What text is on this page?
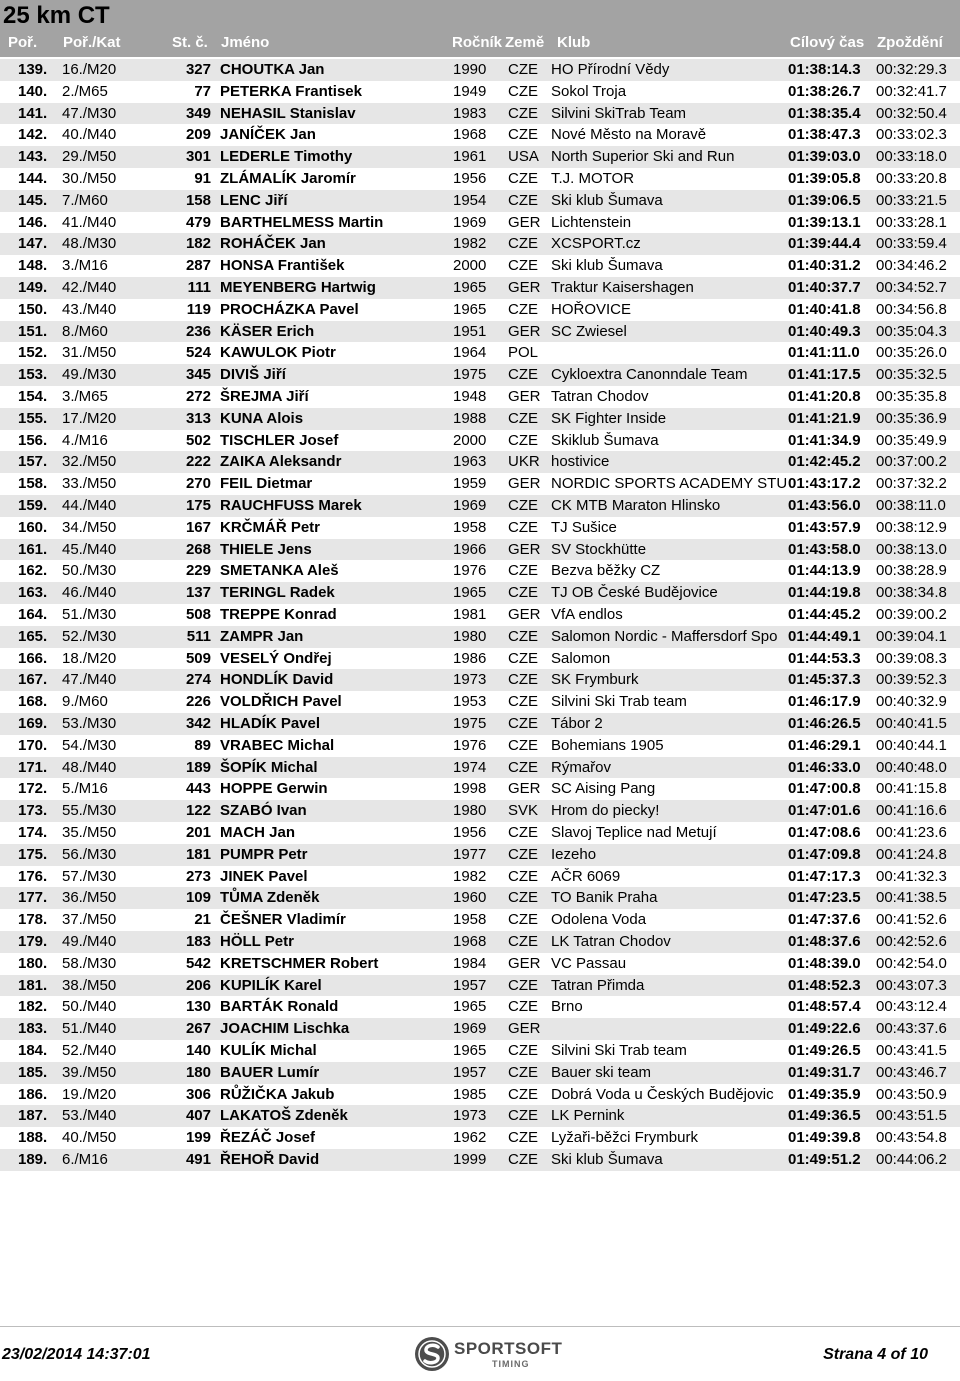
25 km CT
Poř. Poř./Kat	St. č. Jméno	Ročník Země Klub	Cílový čas Zpoždění
139. 16./M20	327 CHOUTKA Jan	1990 CZE HO Přírodní Vědy	01:38:14.3 00:32:29.3
140. 2./M65	77 PETERKA Frantisek	1949 CZE Sokol Troja	01:38:26.7 00:32:41.7
141. 47./M30	349 NEHASIL Stanislav	1983 CZE Silvini SkiTrab Team	01:38:35.4 00:32:50.4
142. 40./M40	209 JANÍČEK Jan	1968 CZE Nové Město na Moravě	01:38:47.3 00:33:02.3
143. 29./M50	301 LEDERLE Timothy	1961 USA North Superior Ski and Run	01:39:03.0 00:33:18.0
144. 30./M50	91 ZLÁMALÍK Jaromír	1956 CZE T.J. MOTOR	01:39:05.8 00:33:20.8
145. 7./M60	158 LENC Jiří	1954 CZE Ski klub Šumava	01:39:06.5 00:33:21.5
146. 41./M40	479 BARTHELMESS Martin	1969 GER Lichtenstein	01:39:13.1 00:33:28.1
147. 48./M30	182 ROHÁČEK Jan	1982 CZE XCSPORT.cz	01:39:44.4 00:33:59.4
148. 3./M16	287 HONSA František	2000 CZE Ski klub Šumava	01:40:31.2 00:34:46.2
149. 42./M40	111 MEYENBERG Hartwig	1965 GER Traktur Kaisershagen	01:40:37.7 00:34:52.7
150. 43./M40	119 PROCHÁZKA Pavel	1965 CZE HOŘOVICE	01:40:41.8 00:34:56.8
151. 8./M60	236 KÄSER Erich	1951 GER SC Zwiesel	01:40:49.3 00:35:04.3
152. 31./M50	524 KAWULOK Piotr	1964 POL	01:41:11.0 00:35:26.0
153. 49./M30	345 DIVIŠ Jiří	1975 CZE Cykloextra Canonndale Team	01:41:17.5 00:35:32.5
154. 3./M65	272 ŠREJMA Jiří	1948 GER Tatran Chodov	01:41:20.8 00:35:35.8
155. 17./M20	313 KUNA Alois	1988 CZE SK Fighter Inside	01:41:21.9 00:35:36.9
156. 4./M16	502 TISCHLER Josef	2000 CZE Skiklub Šumava	01:41:34.9 00:35:49.9
157. 32./M50	222 ZAIKA Aleksandr	1963 UKR hostivice	01:42:45.2 00:37:00.2
158. 33./M50	270 FEIL Dietmar	1959 GER NORDIC SPORTS ACADEMY STU 01:43:17.2 00:37:32.2
159. 44./M40	175 RAUCHFUSS Marek	1969 CZE CK MTB Maraton Hlinsko	01:43:56.0 00:38:11.0
160. 34./M50	167 KRČMÁŘ Petr	1958 CZE TJ Sušice	01:43:57.9 00:38:12.9
161. 45./M40	268 THIELE Jens	1966 GER SV Stockhütte	01:43:58.0 00:38:13.0
162. 50./M30	229 SMETANKA Aleš	1976 CZE Bezva běžky CZ	01:44:13.9 00:38:28.9
163. 46./M40	137 TERINGL Radek	1965 CZE TJ OB České Budějovice	01:44:19.8 00:38:34.8
164. 51./M30	508 TREPPE Konrad	1981 GER VfA endlos	01:44:45.2 00:39:00.2
165. 52./M30	511 ZAMPR Jan	1980 CZE Salomon Nordic - Maffersdorf Spo 01:44:49.1 00:39:04.1
166. 18./M20	509 VESELÝ Ondřej	1986 CZE Salomon	01:44:53.3 00:39:08.3
167. 47./M40	274 HONDLÍK David	1973 CZE SK Frymburk	01:45:37.3 00:39:52.3
168. 9./M60	226 VOLDŘICH Pavel	1953 CZE Silvini Ski Trab team	01:46:17.9 00:40:32.9
169. 53./M30	342 HLADÍK Pavel	1975 CZE Tábor 2	01:46:26.5 00:40:41.5
170. 54./M30	89 VRABEC Michal	1976 CZE Bohemians 1905	01:46:29.1 00:40:44.1
171. 48./M40	189 ŠOPÍK Michal	1974 CZE Rýmařov	01:46:33.0 00:40:48.0
172. 5./M16	443 HOPPE Gerwin	1998 GER SC Aising Pang	01:47:00.8 00:41:15.8
173. 55./M30	122 SZABÓ Ivan	1980 SVK Hrom do piecky!	01:47:01.6 00:41:16.6
174. 35./M50	201 MACH Jan	1956 CZE Slavoj Teplice nad Metují	01:47:08.6 00:41:23.6
175. 56./M30	181 PUMPR Petr	1977 CZE Iezeho	01:47:09.8 00:41:24.8
176. 57./M30	273 JINEK Pavel	1982 CZE AČR 6069	01:47:17.3 00:41:32.3
177. 36./M50	109 TŮMA Zdeněk	1960 CZE TO Banik Praha	01:47:23.5 00:41:38.5
178. 37./M50	21 ČEŠNER Vladimír	1958 CZE Odolena Voda	01:47:37.6 00:41:52.6
179. 49./M40	183 HÖLL Petr	1968 CZE LK Tatran Chodov	01:48:37.6 00:42:52.6
180. 58./M30	542 KRETSCHMER Robert	1984 GER VC Passau	01:48:39.0 00:42:54.0
181. 38./M50	206 KUPILÍK Karel	1957 CZE Tatran Přimda	01:48:52.3 00:43:07.3
182. 50./M40	130 BARTÁK Ronald	1965 CZE Brno	01:48:57.4 00:43:12.4
183. 51./M40	267 JOACHIM Lischka	1969 GER	01:49:22.6 00:43:37.6
184. 52./M40	140 KULÍK Michal	1965 CZE Silvini Ski Trab team	01:49:26.5 00:43:41.5
185. 39./M50	180 BAUER Lumír	1957 CZE Bauer ski team	01:49:31.7 00:43:46.7
186. 19./M20	306 RŮŽIČKA Jakub	1985 CZE Dobrá Voda u Českých Budějovic 01:49:35.9 00:43:50.9
187. 53./M40	407 LAKATOŠ Zdeněk	1973 CZE LK Pernink	01:49:36.5 00:43:51.5
188. 40./M50	199 ŘEZÁČ Josef	1962 CZE Lyžaři-běžci Frymburk	01:49:39.8 00:43:54.8
189. 6./M16	491 ŘEHOŘ David	1999 CZE Ski klub Šumava	01:49:51.2 00:44:06.2
23/02/2014 14:37:01	SPORTSOFT
TIMING
Strana 4 of 10
